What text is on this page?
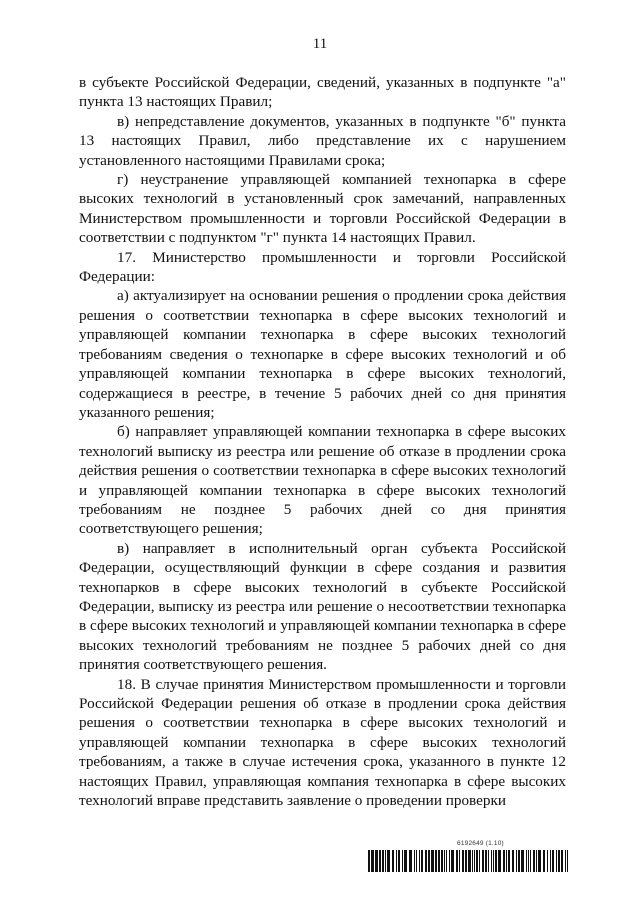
11

в субъекте Российской Федерации, сведений, указанных в подпункте "а" пункта 13 настоящих Правил;

в) непредставление документов, указанных в подпункте "б" пункта 13 настоящих Правил, либо представление их с нарушением установленного настоящими Правилами срока;

г) неустранение управляющей компанией технопарка в сфере высоких технологий в установленный срок замечаний, направленных Министерством промышленности и торговли Российской Федерации в соответствии с подпунктом "г" пункта 14 настоящих Правил.

17. Министерство промышленности и торговли Российской Федерации:

а) актуализирует на основании решения о продлении срока действия решения о соответствии технопарка в сфере высоких технологий и управляющей компании технопарка в сфере высоких технологий требованиям сведения о технопарке в сфере высоких технологий и об управляющей компании технопарка в сфере высоких технологий, содержащиеся в реестре, в течение 5 рабочих дней со дня принятия указанного решения;

б) направляет управляющей компании технопарка в сфере высоких технологий выписку из реестра или решение об отказе в продлении срока действия решения о соответствии технопарка в сфере высоких технологий и управляющей компании технопарка в сфере высоких технологий требованиям не позднее 5 рабочих дней со дня принятия соответствующего решения;

в) направляет в исполнительный орган субъекта Российской Федерации, осуществляющий функции в сфере создания и развития технопарков в сфере высоких технологий в субъекте Российской Федерации, выписку из реестра или решение о несоответствии технопарка в сфере высоких технологий и управляющей компании технопарка в сфере высоких технологий требованиям не позднее 5 рабочих дней со дня принятия соответствующего решения.

18. В случае принятия Министерством промышленности и торговли Российской Федерации решения об отказе в продлении срока действия решения о соответствии технопарка в сфере высоких технологий и управляющей компании технопарка в сфере высоких технологий требованиям, а также в случае истечения срока, указанного в пункте 12 настоящих Правил, управляющая компания технопарка в сфере высоких технологий вправе представить заявление о проведении проверки

6192649 (1.10)
